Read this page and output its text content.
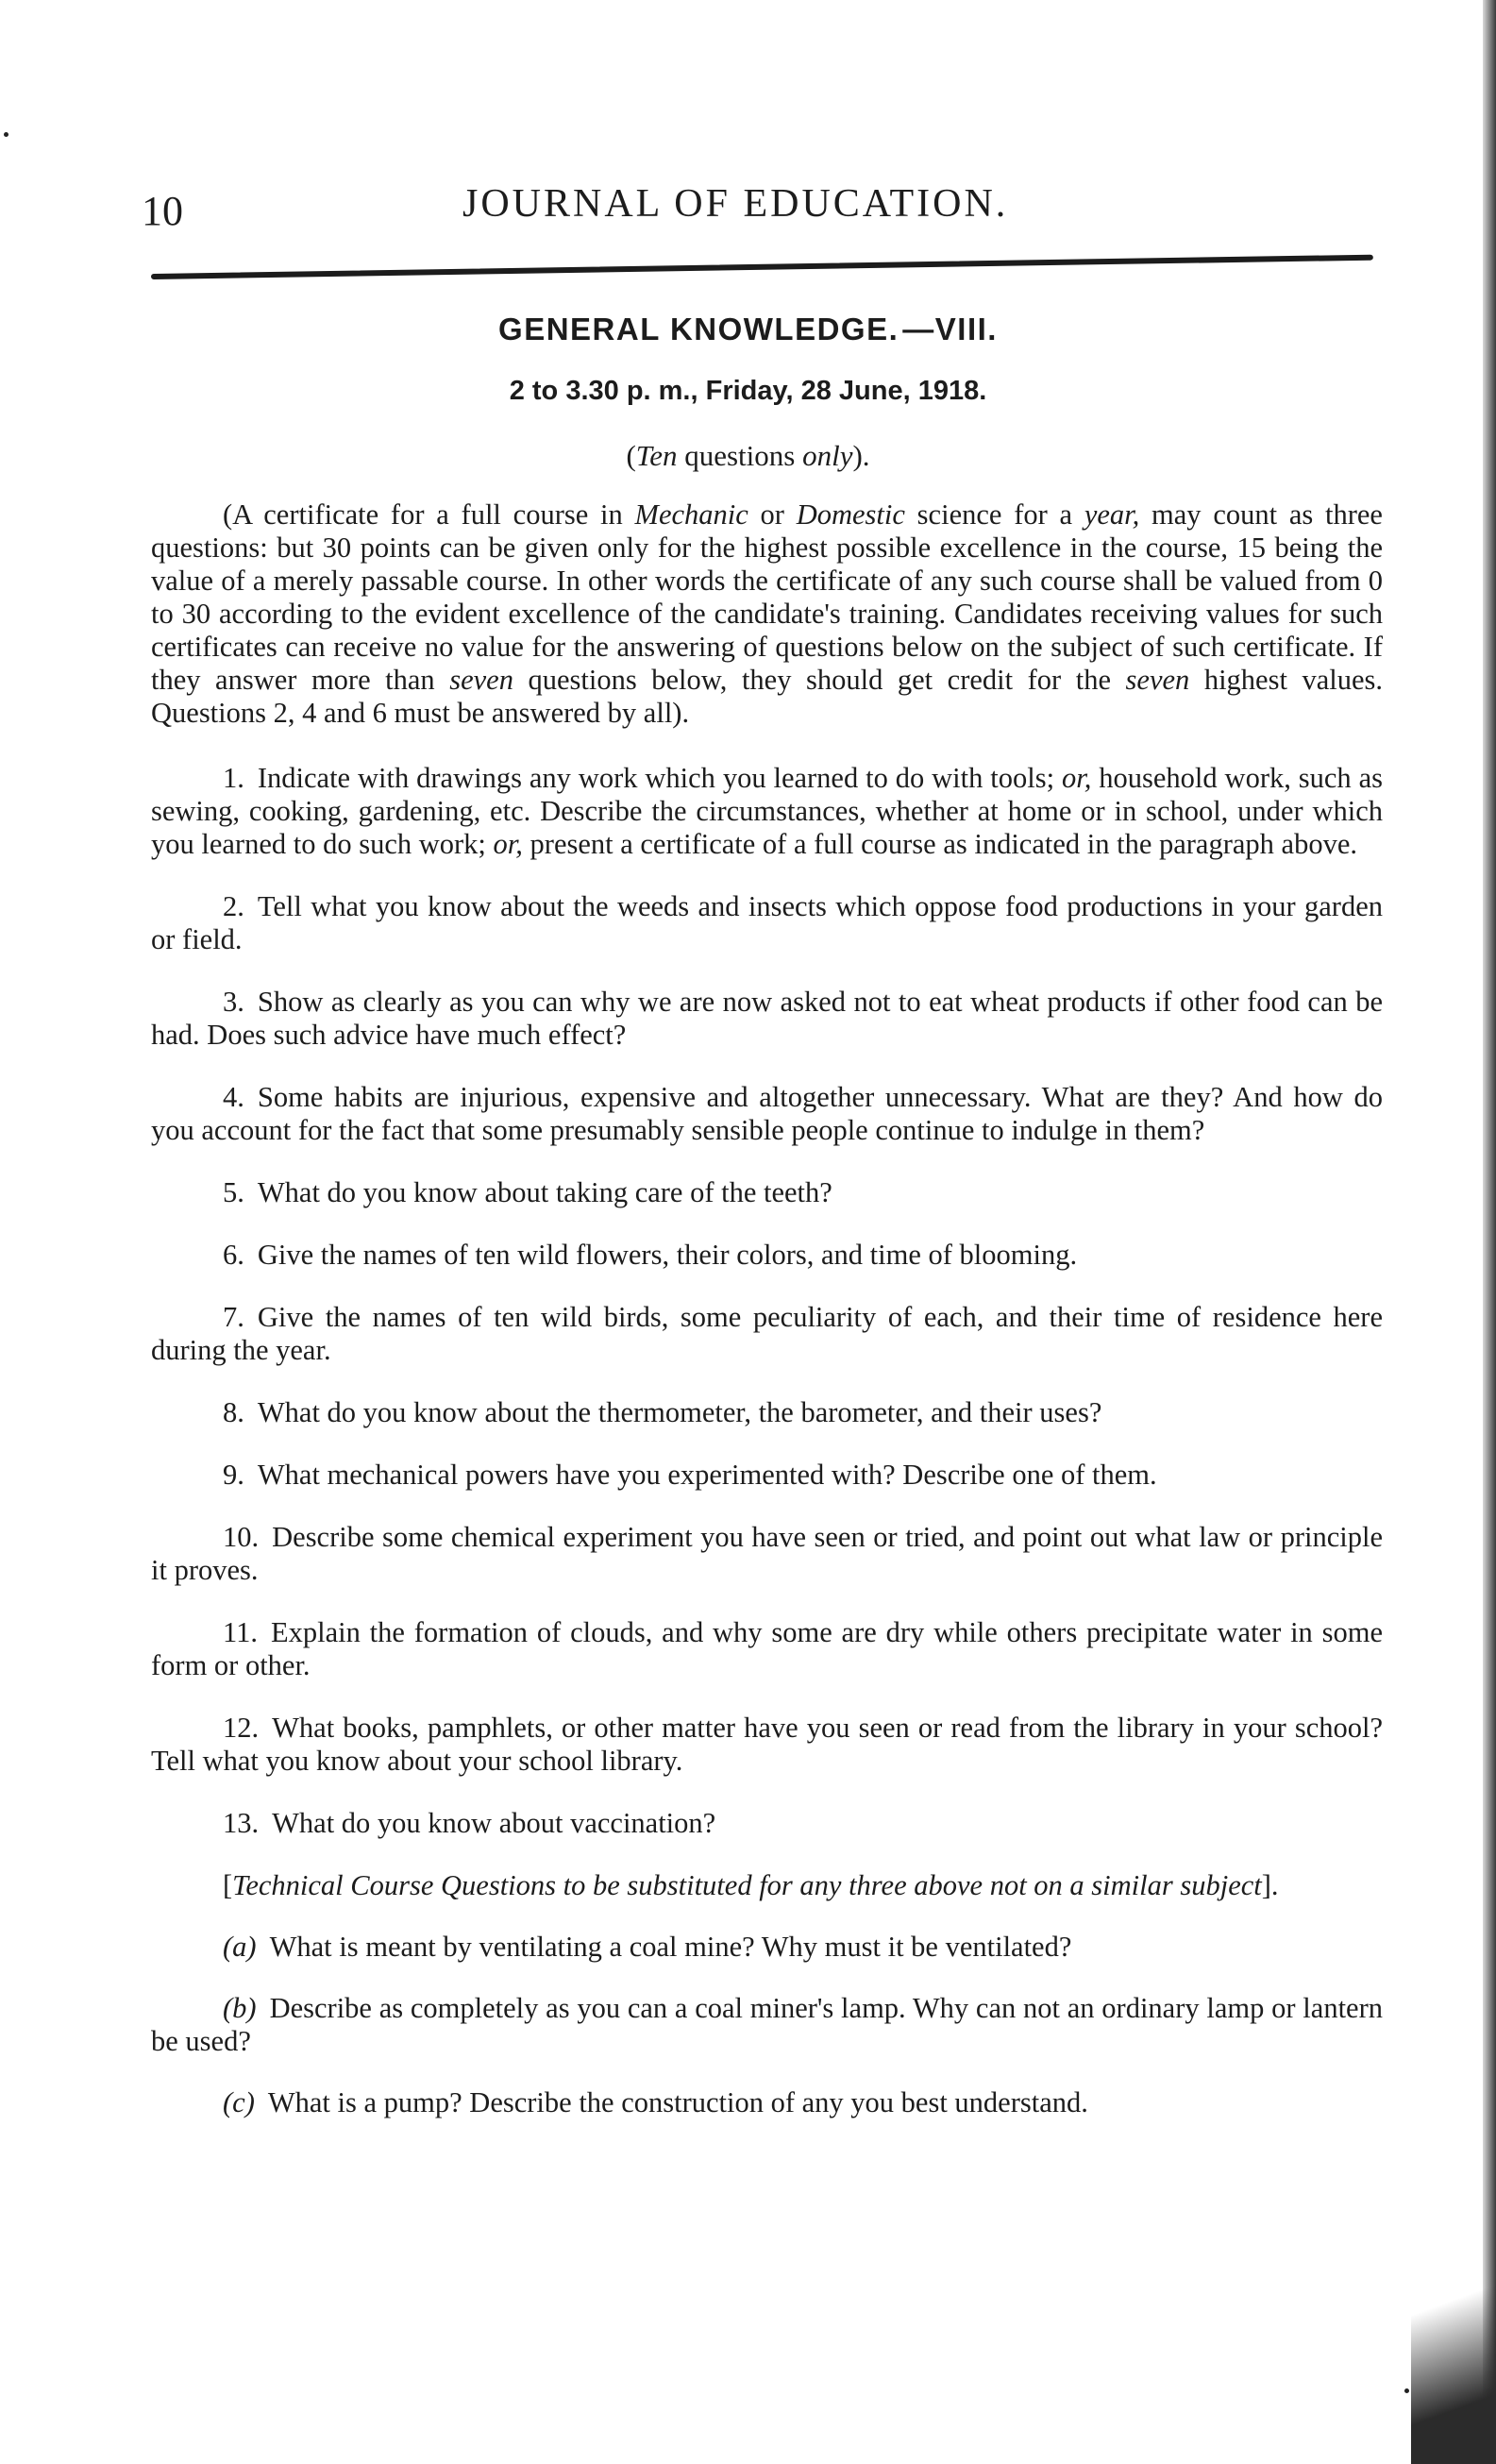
10	JOURNAL OF EDUCATION.
GENERAL KNOWLEDGE. —VIII.
2 to 3.30 p. m., Friday, 28 June, 1918.
(Ten questions only).

(A certificate for a full course in Mechanic or Domestic science for a year, may count as three questions: but 30 points can be given only for the highest possible excellence in the course, 15 being the value of a merely passable course. In other words the certificate of any such course shall be valued from 0 to 30 according to the evident excellence of the candidate's training. Candidates receiving values for such certificates can receive no value for the answering of questions below on the subject of such certificate. If they answer more than seven questions below, they should get credit for the seven highest values. Questions 2, 4 and 6 must be answered by all).

1. Indicate with drawings any work which you learned to do with tools; or, household work, such as sewing, cooking, gardening, etc. Describe the circumstances, whether at home or in school, under which you learned to do such work; or, present a certificate of a full course as indicated in the paragraph above.

2. Tell what you know about the weeds and insects which oppose food productions in your garden or field.

3. Show as clearly as you can why we are now asked not to eat wheat products if other food can be had. Does such advice have much effect?

4. Some habits are injurious, expensive and altogether unnecessary. What are they? And how do you account for the fact that some presumably sensible people continue to indulge in them?

5. What do you know about taking care of the teeth?

6. Give the names of ten wild flowers, their colors, and time of blooming.

7. Give the names of ten wild birds, some peculiarity of each, and their time of residence here during the year.

8. What do you know about the thermometer, the barometer, and their uses?

9. What mechanical powers have you experimented with? Describe one of them.

10. Describe some chemical experiment you have seen or tried, and point out what law or principle it proves.

11. Explain the formation of clouds, and why some are dry while others precipitate water in some form or other.

12. What books, pamphlets, or other matter have you seen or read from the library in your school? Tell what you know about your school library.

13. What do you know about vaccination?

[Technical Course Questions to be substituted for any three above not on a similar subject].

(a) What is meant by ventilating a coal mine? Why must it be ventilated?

(b) Describe as completely as you can a coal miner's lamp. Why can not an ordinary lamp or lantern be used?

(c) What is a pump? Describe the construction of any you best understand.
